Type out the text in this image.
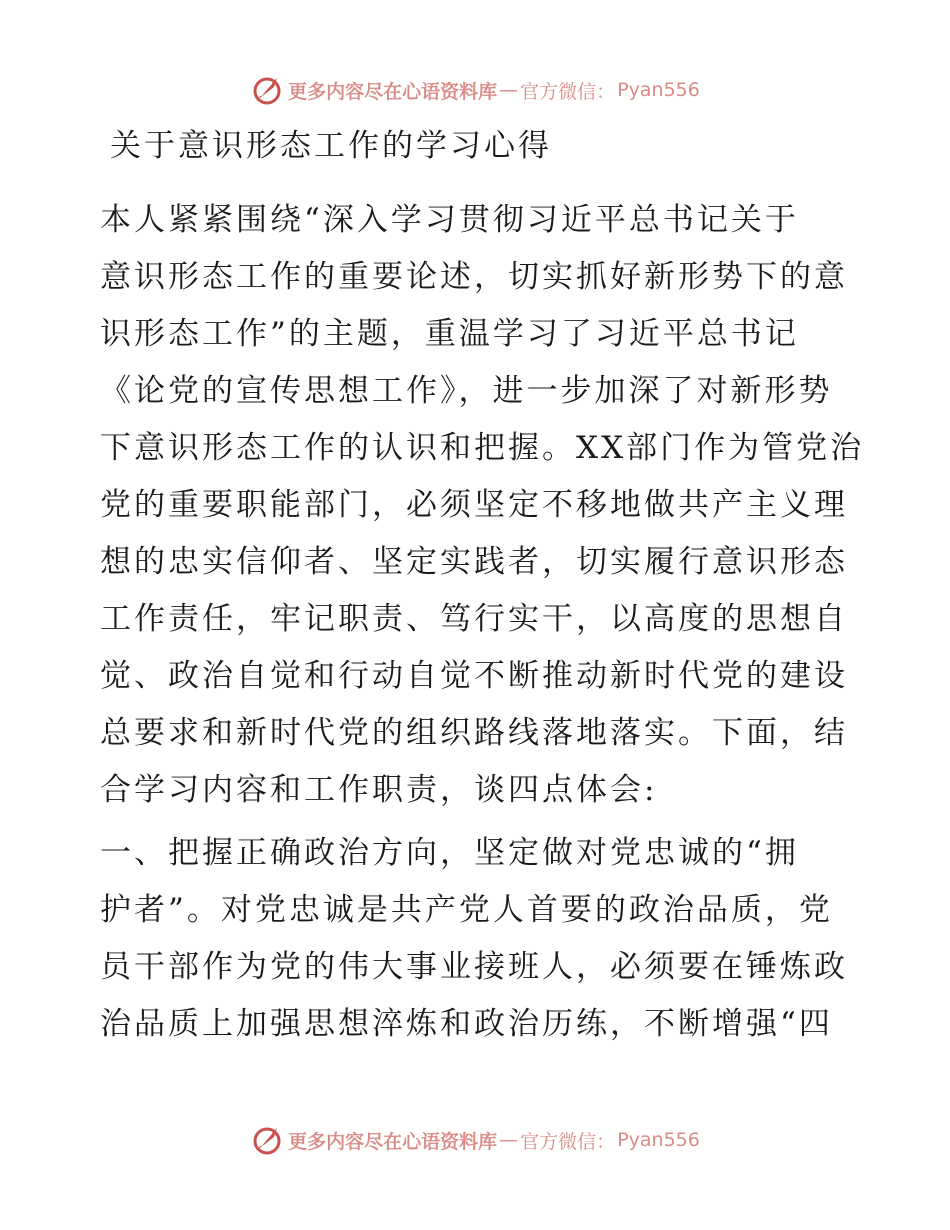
更多内容尽在心语资料库 — 官方微信： Pyan556
关于意识形态工作的学习心得
本人紧紧围绕“深入学习贯彻习近平总书记关于
意识形态工作的重要论述，切实抓好新形势下的意
识形态工作”的主题，重温学习了习近平总书记
《论党的宣传思想工作》，进一步加深了对新形势
下意识形态工作的认识和把握。XX部门作为管党治
党的重要职能部门，必须坚定不移地做共产主义理
想的忠实信仰者、坚定实践者，切实履行意识形态
工作责任，牢记职责、笃行实干，以高度的思想自
觉、政治自觉和行动自觉不断推动新时代党的建设
总要求和新时代党的组织路线落地落实。下面，结
合学习内容和工作职责，谈四点体会:
一、把握正确政治方向，坚定做对党忠诚的“拥
护者”。对党忠诚是共产党人首要的政治品质，党
员干部作为党的伟大事业接班人，必须要在锤炼政
治品质上加强思想淬炼和政治历练，不断增强“四
更多内容尽在心语资料库 — 官方微信： Pyan556
